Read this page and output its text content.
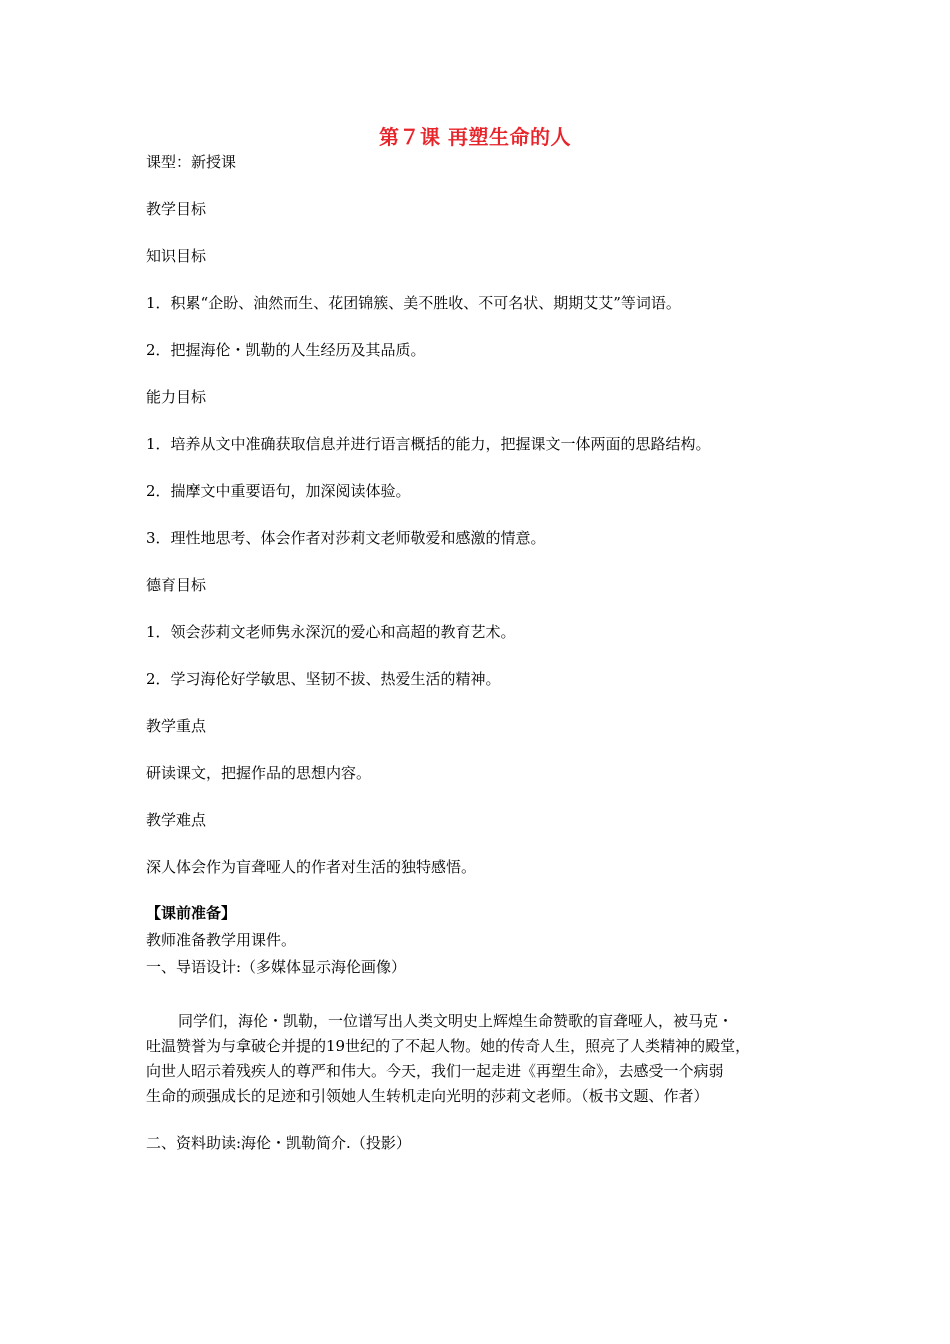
第７课 再塑生命的人
课型：新授课
教学目标
知识目标
1．积累“企盼、油然而生、花团锦簇、美不胜收、不可名状、期期艾艾”等词语。
2．把握海伦・凯勒的人生经历及其品质。
能力目标
1．培养从文中准确获取信息并进行语言概括的能力，把握课文一体两面的思路结构。
2．揣摩文中重要语句，加深阅读体验。
3．理性地思考、体会作者对莎莉文老师敬爱和感激的情意。
德育目标
1．领会莎莉文老师隽永深沉的爱心和高超的教育艺术。
2．学习海伦好学敏思、坚韧不拔、热爱生活的精神。
教学重点
研读课文，把握作品的思想内容。
教学难点
深人体会作为盲聋哑人的作者对生活的独特感悟。
【课前准备】
教师准备教学用课件。
一、导语设计:（多媒体显示海伦画像）
同学们，海伦・凯勒，一位谱写出人类文明史上辉煌生命赞歌的盲聋哑人，被马克・
吐温赞誉为与拿破仑并提的19世纪的了不起人物。她的传奇人生，照亮了人类精神的殿堂，
向世人昭示着残疾人的尊严和伟大。今天，我们一起走进《再塑生命》，去感受一个病弱
生命的顽强成长的足迹和引领她人生转机走向光明的莎莉文老师。（板书文题、作者）
二、资料助读:海伦・凯勒简介.（投影）
